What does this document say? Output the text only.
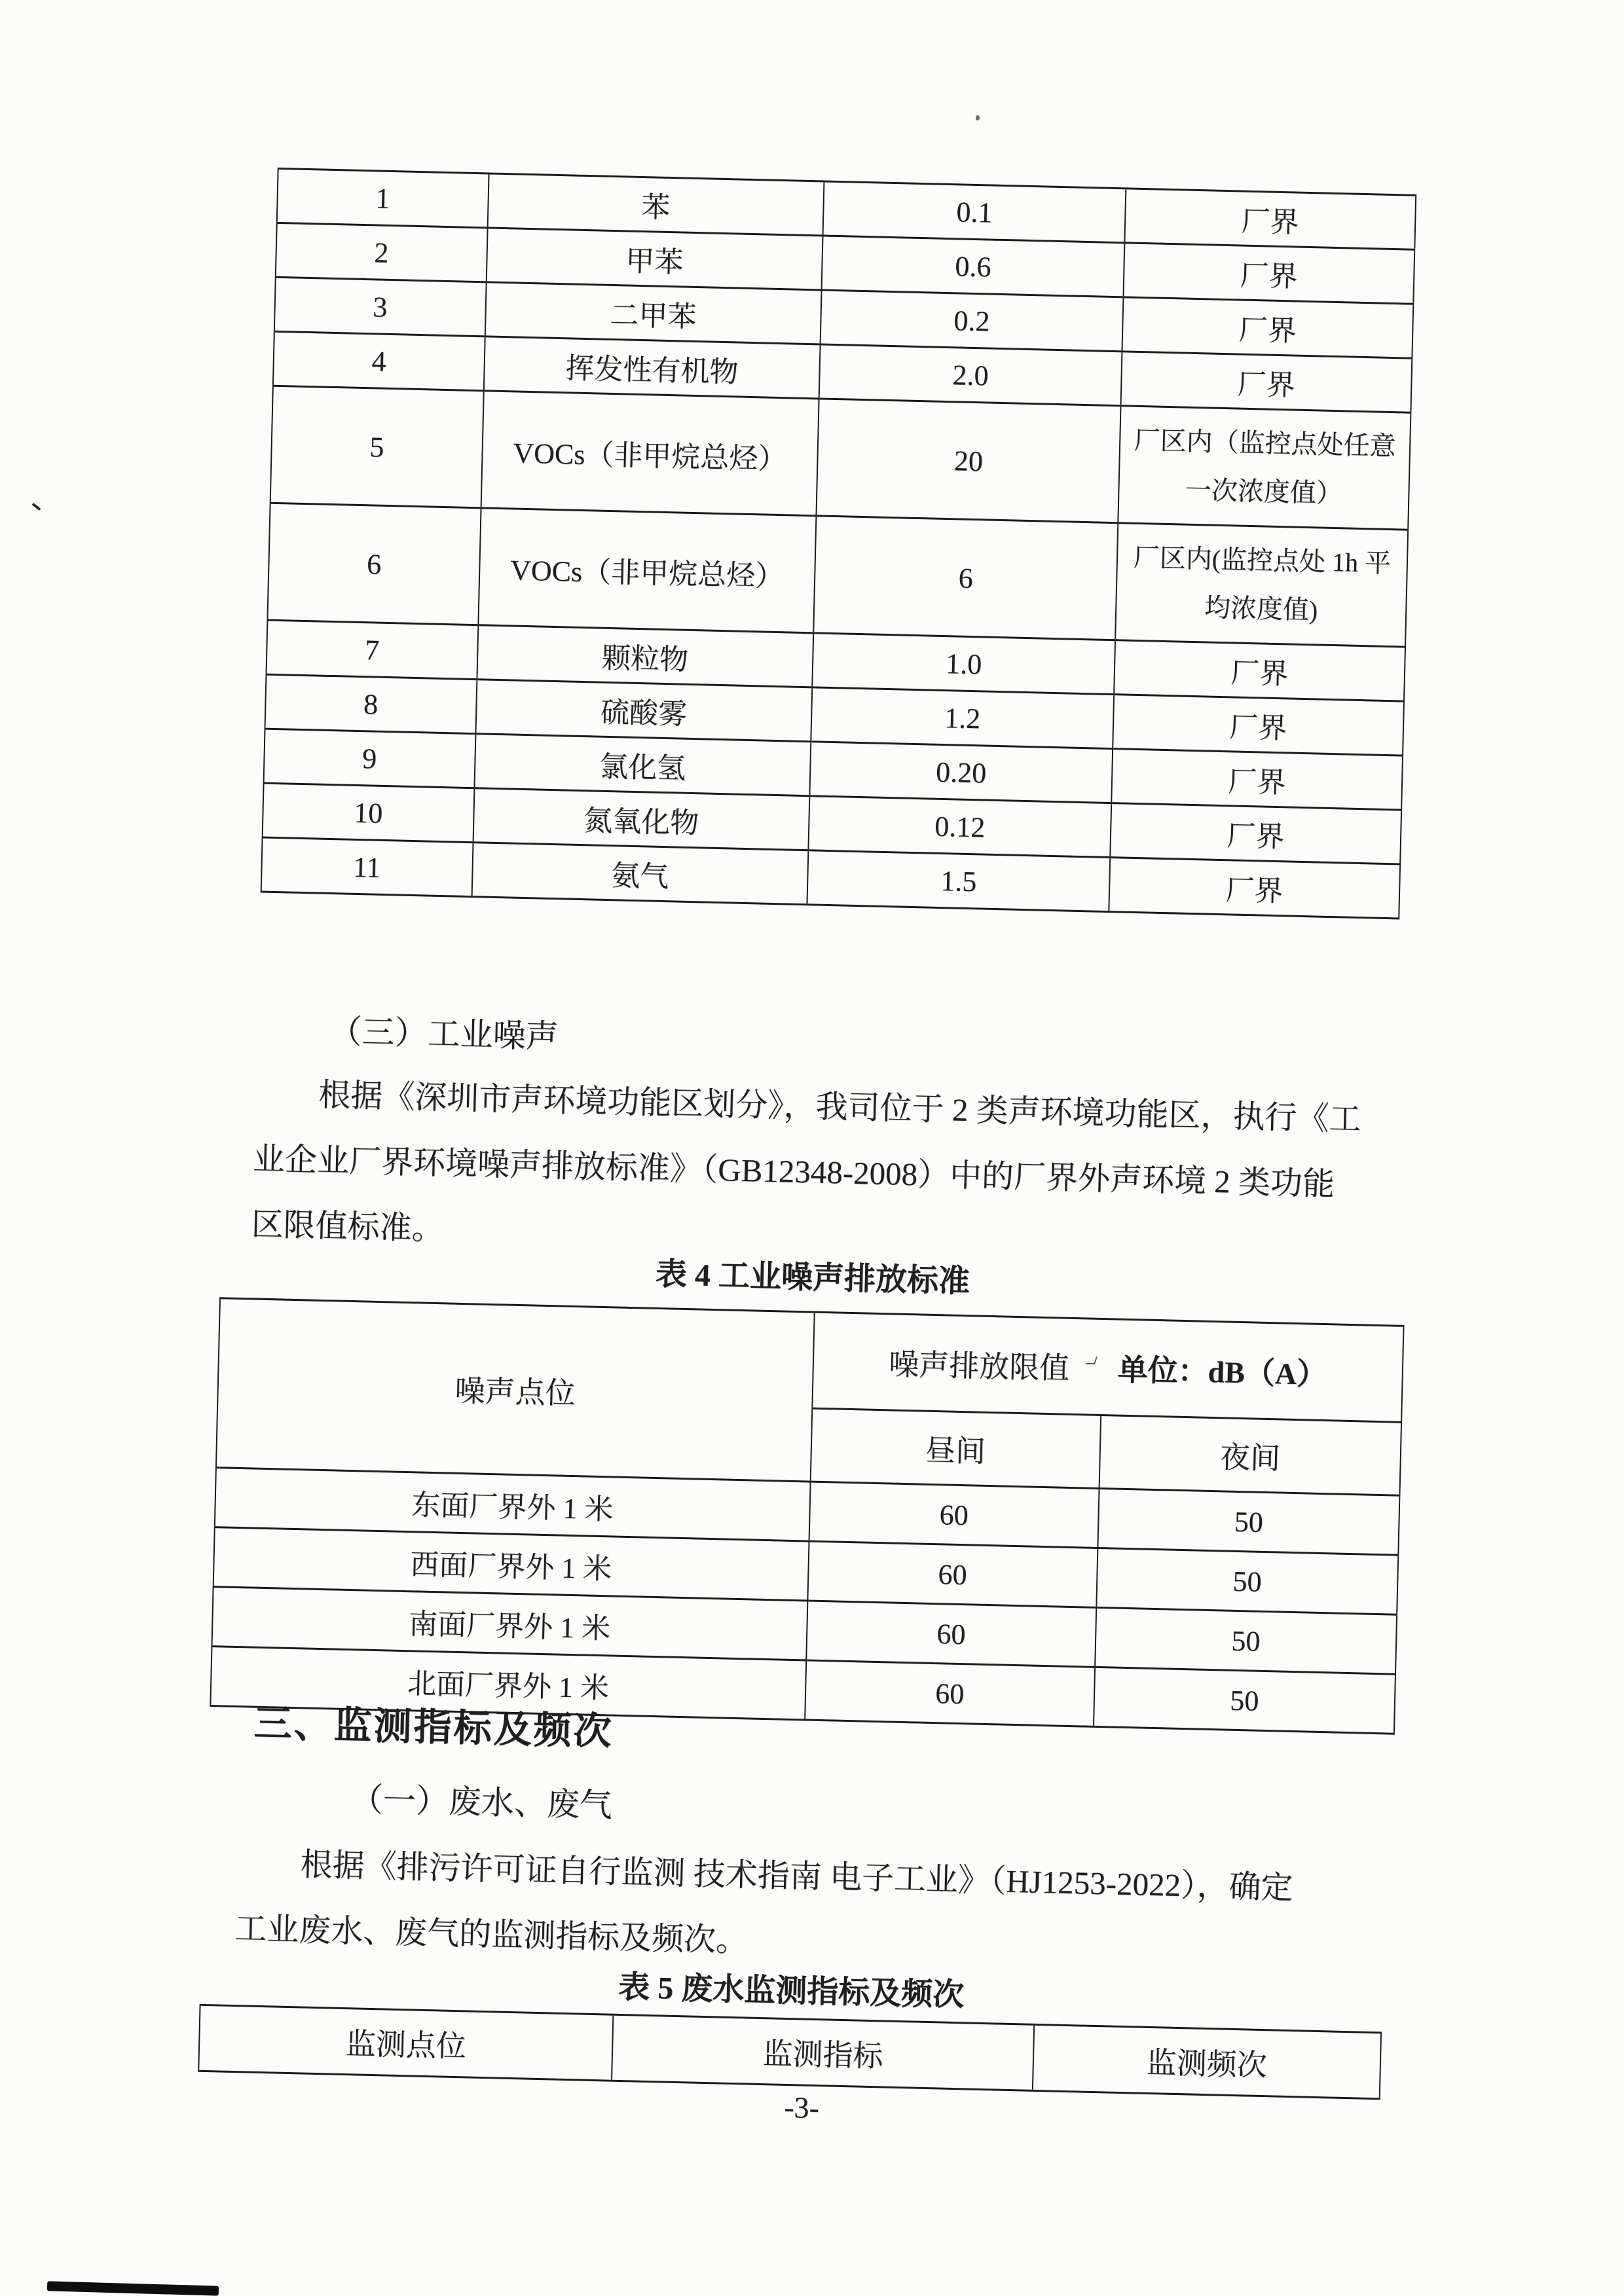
1	苯	0.1	厂界
2	甲苯	0.6	厂界
3	二甲苯	0.2	厂界
4	挥发性有机物	2.0	厂界
5	VOCs（非甲烷总烃）	20	厂区内（监控点处任意一次浓度值）
6	VOCs（非甲烷总烃）	6	厂区内(监控点处 1h 平均浓度值)
7	颗粒物	1.0	厂界
8	硫酸雾	1.2	厂界
9	氯化氢	0.20	厂界
10	氮氧化物	0.12	厂界
11	氨气	1.5	厂界
（三）工业噪声
根据《深圳市声环境功能区划分》，我司位于 2 类声环境功能区，执行《工
业企业厂界环境噪声排放标准》（GB12348-2008）中的厂界外声环境 2 类功能
区限值标准。
表 4 工业噪声排放标准
噪声点位	噪声排放限值 单位：dB（A）	
	昼间	夜间
东面厂界外 1 米	60	50
西面厂界外 1 米	60	50
南面厂界外 1 米	60	50
北面厂界外 1 米	60	50
三、监测指标及频次
（一）废水、废气
根据《排污许可证自行监测 技术指南 电子工业》（HJ1253-2022），确定
工业废水、废气的监测指标及频次。
表 5 废水监测指标及频次
监测点位	监测指标	监测频次
-3-
